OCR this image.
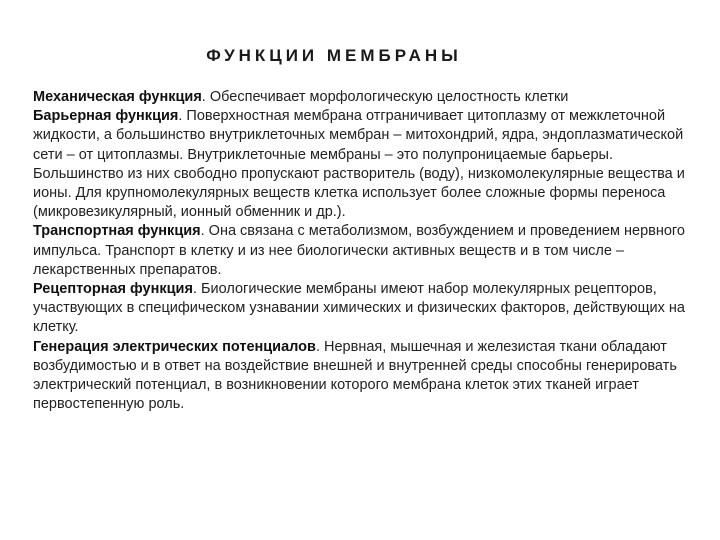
ФУНКЦИИ МЕМБРАНЫ

Механическая функция. Обеспечивает морфологическую целостность клетки

Барьерная функция. Поверхностная мембрана отграничивает цитоплазму от межклеточной жидкости, а большинство внутриклеточных мембран – митохондрий, ядра, эндоплазматической сети – от цитоплазмы. Внутриклеточные мембраны – это полупроницаемые барьеры. Большинство из них свободно пропускают растворитель (воду), низкомолекулярные вещества и ионы. Для крупномолекулярных веществ клетка использует более сложные формы переноса (микровезикулярный, ионный обменник и др.).

Транспортная функция. Она связана с метаболизмом, возбуждением и проведением нервного импульса. Транспорт в клетку и из нее биологически активных веществ и в том числе – лекарственных препаратов.

Рецепторная функция. Биологические мембраны имеют набор молекулярных рецепторов, участвующих в специфическом узнавании химических и физических факторов, действующих на клетку.

Генерация электрических потенциалов. Нервная, мышечная и железистая ткани обладают возбудимостью и в ответ на воздействие внешней и внутренней среды способны генерировать электрический потенциал, в возникновении которого мембрана клеток этих тканей играет первостепенную роль.
